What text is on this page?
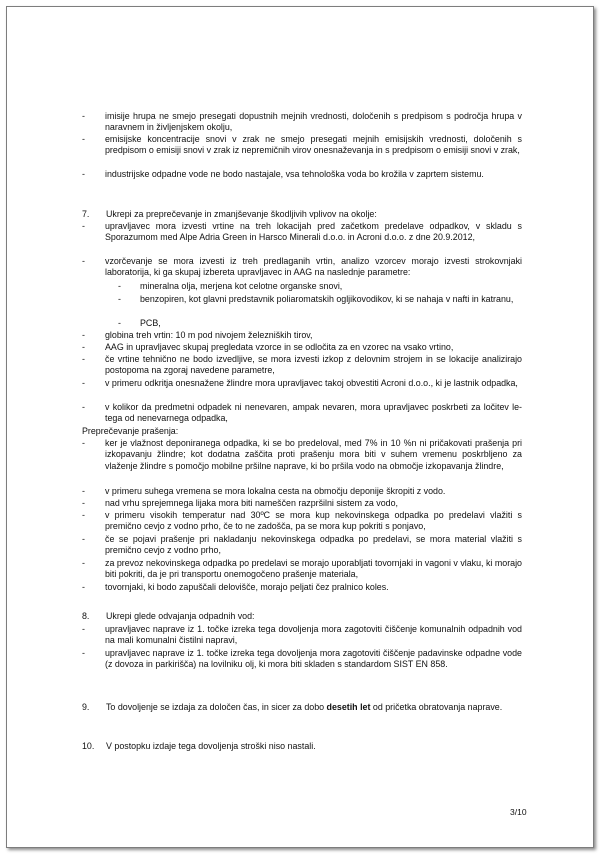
- imisije hrupa ne smejo presegati dopustnih mejnih vrednosti, določenih s predpisom s področja hrupa v naravnem in življenjskem okolju,
- emisijske koncentracije snovi v zrak ne smejo presegati mejnih emisijskih vrednosti, določenih s predpisom o emisiji snovi v zrak iz nepremičnih virov onesnaževanja in s predpisom o emisiji snovi v zrak,
- industrijske odpadne vode ne bodo nastajale, vsa tehnološka voda bo krožila v zaprtem sistemu.
7. Ukrepi za preprečevanje in zmanjševanje škodljivih vplivov na okolje:
- upravljavec mora izvesti vrtine na treh lokacijah pred začetkom predelave odpadkov, v skladu s Sporazumom med Alpe Adria Green in Harsco Minerali d.o.o. in Acroni d.o.o. z dne 20.9.2012,
- vzorčevanje se mora izvesti iz treh predlaganih vrtin, analizo vzorcev morajo izvesti strokovnjaki laboratorija, ki ga skupaj izbereta upravljavec in AAG na naslednje parametre:
- mineralna olja, merjena kot celotne organske snovi,
- benzopiren, kot glavni predstavnik poliaromatskih ogljikovodikov, ki se nahaja v nafti in katranu,
- PCB,
- globina treh vrtin: 10 m pod nivojem železniških tirov,
- AAG in upravljavec skupaj pregledata vzorce in se odločita za en vzorec na vsako vrtino,
- če vrtine tehnično ne bodo izvedljive, se mora izvesti izkop z delovnim strojem in se lokacije analizirajo postopoma na zgoraj navedene parametre,
- v primeru odkritja onesnažene žlindre mora upravljavec takoj obvestiti Acroni d.o.o., ki je lastnik odpadka,
- v kolikor da predmetni odpadek ni nenevaren, ampak nevaren, mora upravljavec poskrbeti za ločitev le-tega od nenevarnega odpadka,
Preprečevanje prašenja:
- ker je vlažnost deponiranega odpadka, ki se bo predeloval, med 7% in 10 %n ni pričakovati prašenja pri izkopavanju žlindre; kot dodatna zaščita proti prašenju mora biti v suhem vremenu poskrbljeno za vlaženje žlindre s pomočjo mobilne pršilne naprave, ki bo pršila vodo na območje izkopavanja žlindre,
- v primeru suhega vremena se mora lokalna cesta na območju deponije škropiti z vodo.
- nad vrhu sprejemnega lijaka mora biti nameščen razpršilni sistem za vodo,
- v primeru visokih temperatur nad 30ºC se mora kup nekovinskega odpadka po predelavi vlažiti s premično cevjo z vodno prho, če to ne zadošča, pa se mora kup pokriti s ponjavo,
- če se pojavi prašenje pri nakladanju nekovinskega odpadka po predelavi, se mora material vlažiti s premično cevjo z vodno prho,
- za prevoz nekovinskega odpadka po predelavi se morajo uporabljati tovornjaki in vagoni v vlaku, ki morajo biti pokriti, da je pri transportu onemogočeno prašenje materiala,
- tovornjaki, ki bodo zapuščali delovišče, morajo peljati čez pralnico koles.
8. Ukrepi glede odvajanja odpadnih vod:
- upravljavec naprave iz 1. točke izreka tega dovoljenja mora zagotoviti čiščenje komunalnih odpadnih vod na mali komunalni čistilni napravi,
- upravljavec naprave iz 1. točke izreka tega dovoljenja mora zagotoviti čiščenje padavinske odpadne vode (z dovoza in parkirišča) na lovilniku olj, ki mora biti skladen s standardom SIST EN 858.
9. To dovoljenje se izdaja za določen čas, in sicer za dobo desetih let od pričetka obratovanja naprave.
10. V postopku izdaje tega dovoljenja stroški niso nastali.
3/10
